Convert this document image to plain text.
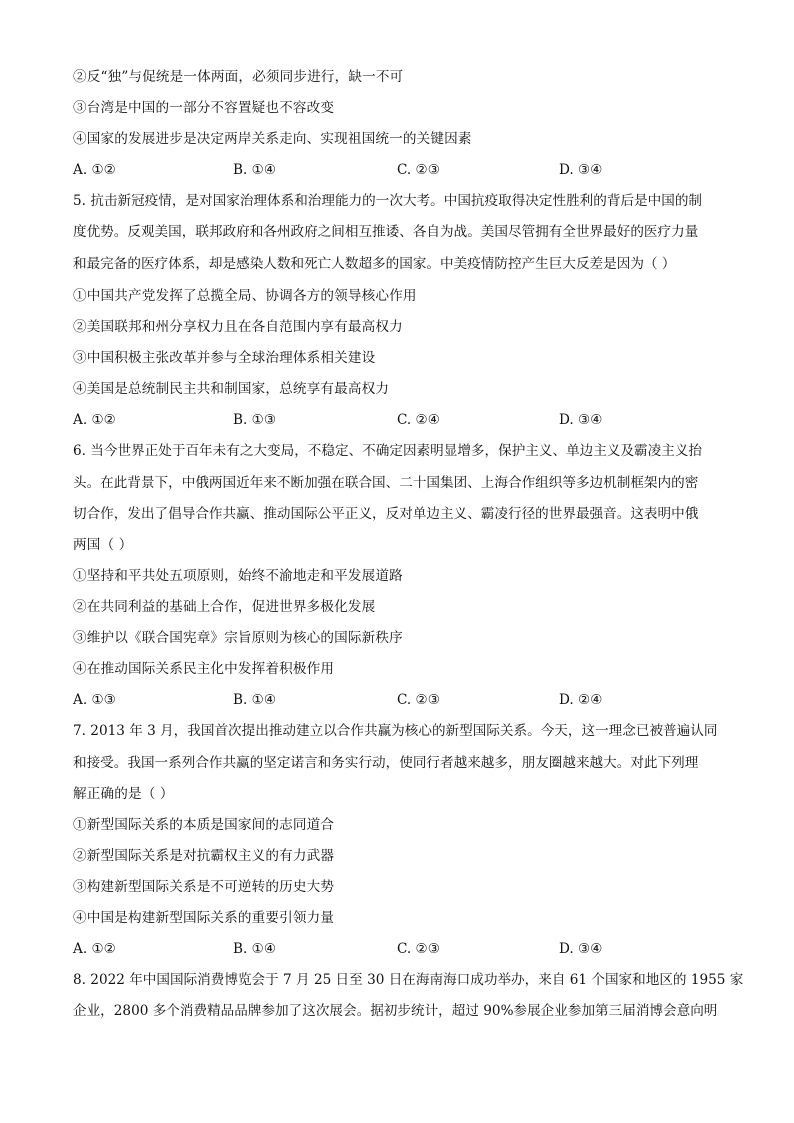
②反“独”与促统是一体两面，必须同步进行，缺一不可
③台湾是中国的一部分不容置疑也不容改变
④国家的发展进步是决定两岸关系走向、实现祖国统一的关键因素
A. ①②	B. ①④	C. ②③	D. ③④
5. 抗击新冠疫情，是对国家治理体系和治理能力的一次大考。中国抗疫取得决定性胜利的背后是中国的制
度优势。反观美国，联邦政府和各州政府之间相互推诿、各自为战。美国尽管拥有全世界最好的医疗力量
和最完备的医疗体系，却是感染人数和死亡人数超多的国家。中美疫情防控产生巨大反差是因为（ ）
①中国共产党发挥了总揽全局、协调各方的领导核心作用
②美国联邦和州分享权力且在各自范围内享有最高权力
③中国积极主张改革并参与全球治理体系相关建设
④美国是总统制民主共和制国家，总统享有最高权力
A. ①②	B. ①③	C. ②④	D. ③④
6. 当今世界正处于百年未有之大变局，不稳定、不确定因素明显增多，保护主义、单边主义及霸凌主义抬
头。在此背景下，中俄两国近年来不断加强在联合国、二十国集团、上海合作组织等多边机制框架内的密
切合作，发出了倡导合作共赢、推动国际公平正义，反对单边主义、霸凌行径的世界最强音。这表明中俄
两国（ ）
①坚持和平共处五项原则，始终不渝地走和平发展道路
②在共同利益的基础上合作，促进世界多极化发展
③维护以《联合国宪章》宗旨原则为核心的国际新秩序
④在推动国际关系民主化中发挥着积极作用
A. ①③	B. ①④	C. ②③	D. ②④
7. 2013 年 3 月，我国首次提出推动建立以合作共赢为核心的新型国际关系。今天，这一理念已被普遍认同
和接受。我国一系列合作共赢的坚定诺言和务实行动，使同行者越来越多，朋友圈越来越大。对此下列理
解正确的是（ ）
①新型国际关系的本质是国家间的志同道合
②新型国际关系是对抗霸权主义的有力武器
③构建新型国际关系是不可逆转的历史大势
④中国是构建新型国际关系的重要引领力量
A. ①②	B. ①④	C. ②③	D. ③④
8. 2022 年中国国际消费博览会于 7 月 25 日至 30 日在海南海口成功举办，来自 61 个国家和地区的 1955 家
企业，2800 多个消费精品品牌参加了这次展会。据初步统计，超过 90%参展企业参加第三届消博会意向明
